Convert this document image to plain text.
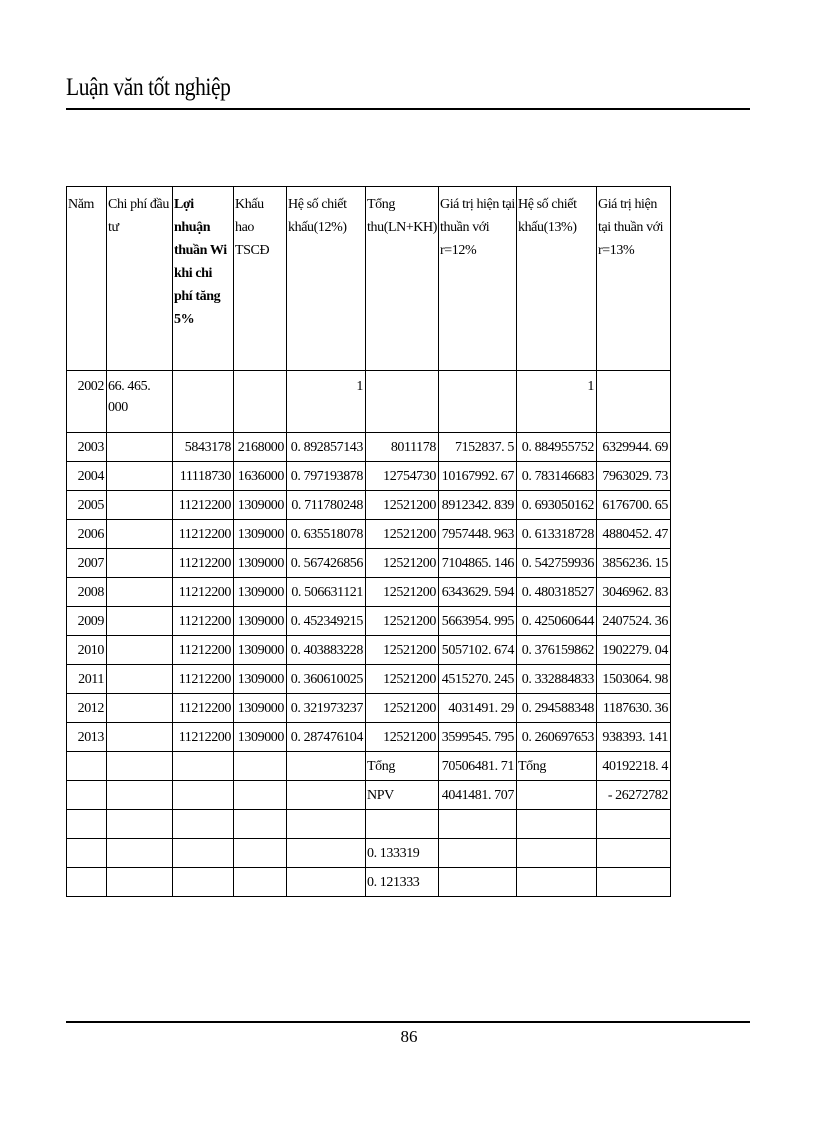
Luận văn tốt nghiệp
Năm	Chi phí đầu tư	Lợi nhuận thuần Wi khi chi phí tăng 5%	Khấu hao TSCĐ	Hệ số chiết khấu(12%)	Tổng thu(LN+KH)	Giá trị hiện tại thuần với r=12%	Hệ số chiết khấu(13%)	Giá trị hiện tại thuần với r=13%
2002	66. 465. 000			1			1	
2003		5843178	2168000	0. 892857143	8011178	7152837. 5	0. 884955752	6329944. 69
2004		11118730	1636000	0. 797193878	12754730	10167992. 67	0. 783146683	7963029. 73
2005		11212200	1309000	0. 711780248	12521200	8912342. 839	0. 693050162	6176700. 65
2006		11212200	1309000	0. 635518078	12521200	7957448. 963	0. 613318728	4880452. 47
2007		11212200	1309000	0. 567426856	12521200	7104865. 146	0. 542759936	3856236. 15
2008		11212200	1309000	0. 506631121	12521200	6343629. 594	0. 480318527	3046962. 83
2009		11212200	1309000	0. 452349215	12521200	5663954. 995	0. 425060644	2407524. 36
2010		11212200	1309000	0. 403883228	12521200	5057102. 674	0. 376159862	1902279. 04
2011		11212200	1309000	0. 360610025	12521200	4515270. 245	0. 332884833	1503064. 98
2012		11212200	1309000	0. 321973237	12521200	4031491. 29	0. 294588348	1187630. 36
2013		11212200	1309000	0. 287476104	12521200	3599545. 795	0. 260697653	938393. 141
					Tổng	70506481. 71	Tổng	40192218. 4
					NPV	4041481. 707		- 26272782

					0. 133319			
					0. 121333			
86
